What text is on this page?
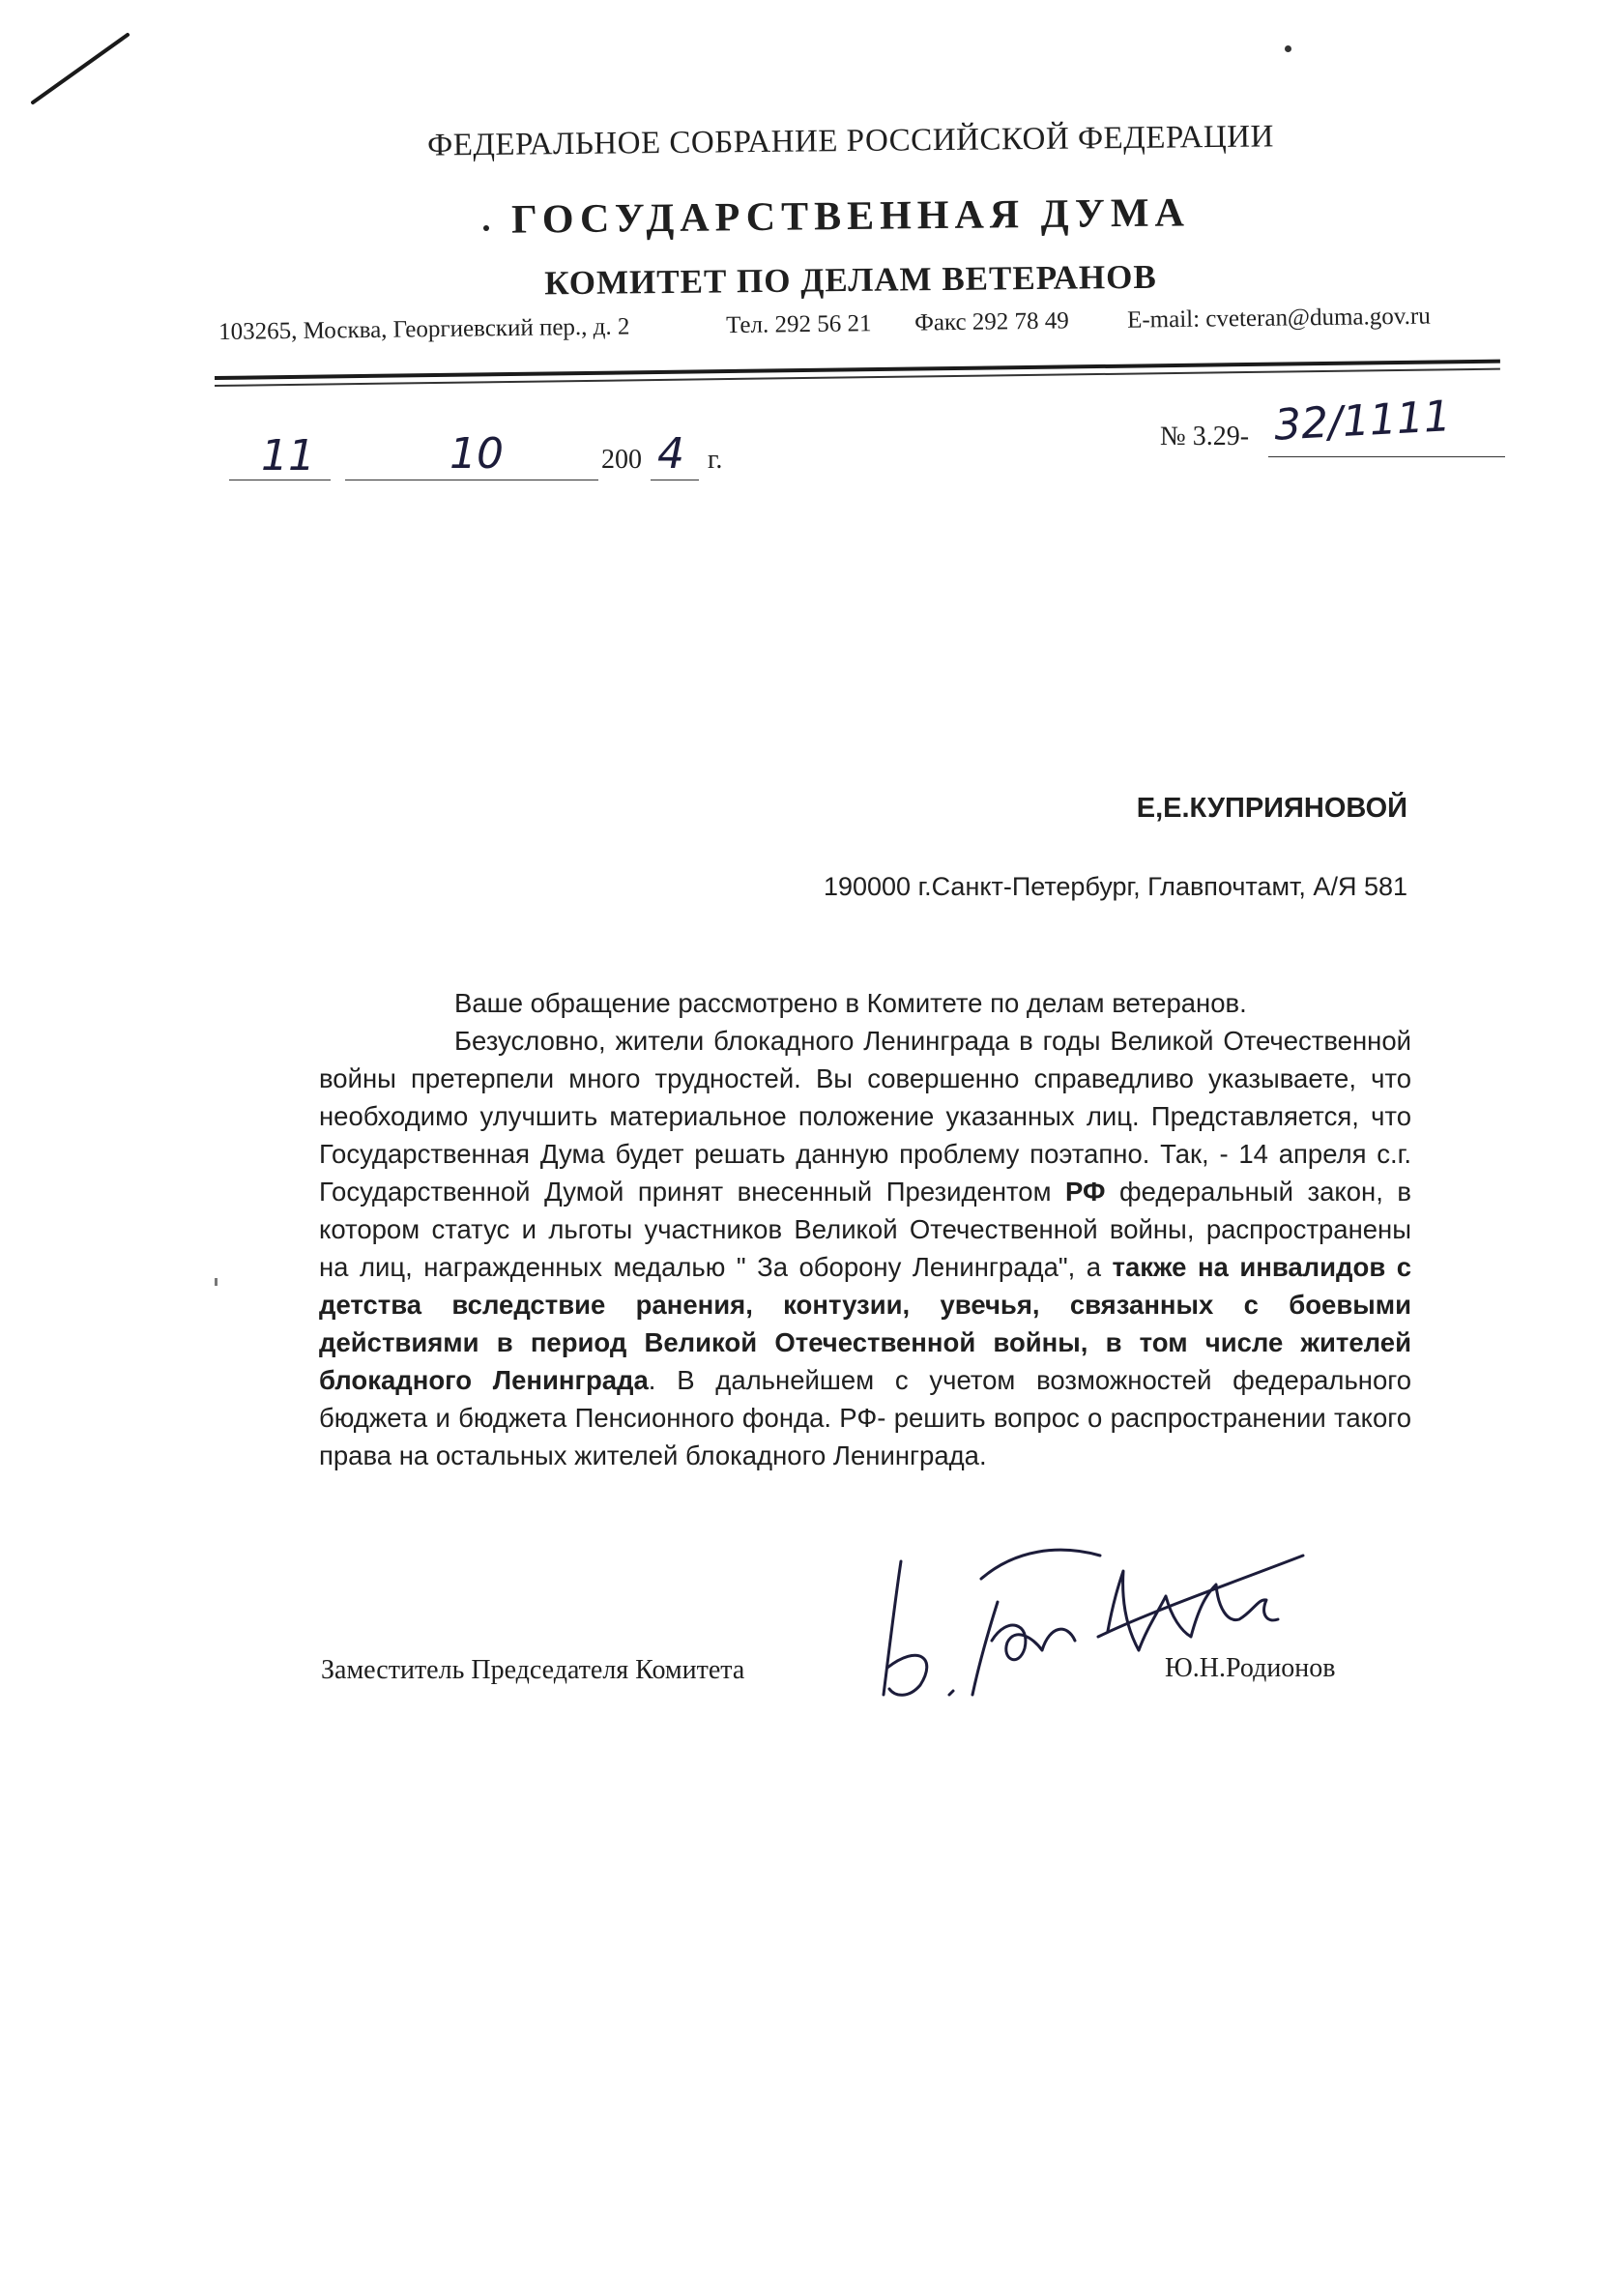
ФЕДЕРАЛЬНОЕ СОБРАНИЕ РОССИЙСКОЙ ФЕДЕРАЦИИ
ГОСУДАРСТВЕННАЯ ДУМА
КОМИТЕТ ПО ДЕЛАМ ВЕТЕРАНОВ
103265, Москва, Георгиевский пер., д. 2	Тел. 292 56 21 Факс 292 78 49 E-mail: cveteran@duma.gov.ru
11	10	200 4 г.
№ 3.29- 32/1111
Е,Е.КУПРИЯНОВОЙ
190000 г.Санкт-Петербург, Главпочтамт, А/Я 581

Ваше обращение рассмотрено в Комитете по делам ветеранов.

Безусловно, жители блокадного Ленинграда в годы Великой Отечественной войны претерпели много трудностей. Вы совершенно справедливо указываете, что необходимо улучшить материальное положение указанных лиц. Представляется, что Государственная Дума будет решать данную проблему поэтапно. Так, - 14 апреля с.г. Государственной Думой принят внесенный Президентом РФ федеральный закон, в котором статус и льготы участников Великой Отечественной войны, распространены на лиц, награжденных медалью " За оборону Ленинграда", а также на инвалидов с детства вследствие ранения, контузии, увечья, связанных с боевыми действиями в период Великой Отечественной войны, в том числе жителей блокадного Ленинграда. В дальнейшем с учетом возможностей федерального бюджета и бюджета Пенсионного фонда. РФ- решить вопрос о распространении такого права на остальных жителей блокадного Ленинграда.

Заместитель Председателя Комитета	Ю.Н.Родионов
